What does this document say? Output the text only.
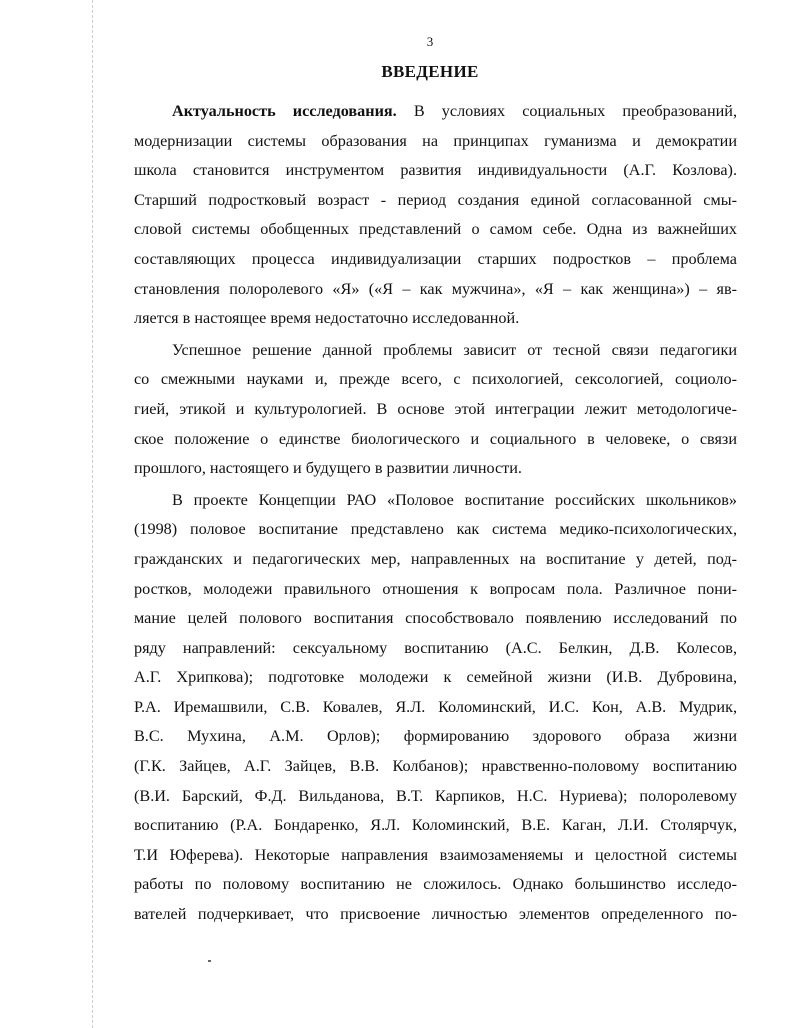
3
ВВЕДЕНИЕ
Актуальность исследования. В условиях социальных преобразований,
модернизации системы образования на принципах гуманизма и демократии
школа становится инструментом развития индивидуальности (А.Г. Козлова).
Старший подростковый возраст - период создания единой согласованной смы-
словой системы обобщенных представлений о самом себе. Одна из важнейших
составляющих процесса индивидуализации старших подростков – проблема
становления полоролевого «Я» («Я – как мужчина», «Я – как женщина») – яв-
ляется в настоящее время недостаточно исследованной.
Успешное решение данной проблемы зависит от тесной связи педагогики
со смежными науками и, прежде всего, с психологией, сексологией, социоло-
гией, этикой и культурологией. В основе этой интеграции лежит методологиче-
ское положение о единстве биологического и социального в человеке, о связи
прошлого, настоящего и будущего в развитии личности.
В проекте Концепции РАО «Половое воспитание российских школьников»
(1998) половое воспитание представлено как система медико-психологических,
гражданских и педагогических мер, направленных на воспитание у детей, под-
ростков, молодежи правильного отношения к вопросам пола. Различное пони-
мание целей полового воспитания способствовало появлению исследований по
ряду направлений: сексуальному воспитанию (А.С. Белкин, Д.В. Колесов,
А.Г. Хрипкова); подготовке молодежи к семейной жизни (И.В. Дубровина,
Р.А. Иремашвили, С.В. Ковалев, Я.Л. Коломинский, И.С. Кон, А.В. Мудрик,
В.С. Мухина, А.М. Орлов); формированию здорового образа жизни
(Г.К. Зайцев, А.Г. Зайцев, В.В. Колбанов); нравственно-половому воспитанию
(В.И. Барский, Ф.Д. Вильданова, В.Т. Карпиков, Н.С. Нуриева); полоролевому
воспитанию (Р.А. Бондаренко, Я.Л. Коломинский, В.Е. Каган, Л.И. Столярчук,
Т.И Юферева). Некоторые направления взаимозаменяемы и целостной системы
работы по половому воспитанию не сложилось. Однако большинство исследо-
вателей подчеркивает, что присвоение личностью элементов определенного по-
